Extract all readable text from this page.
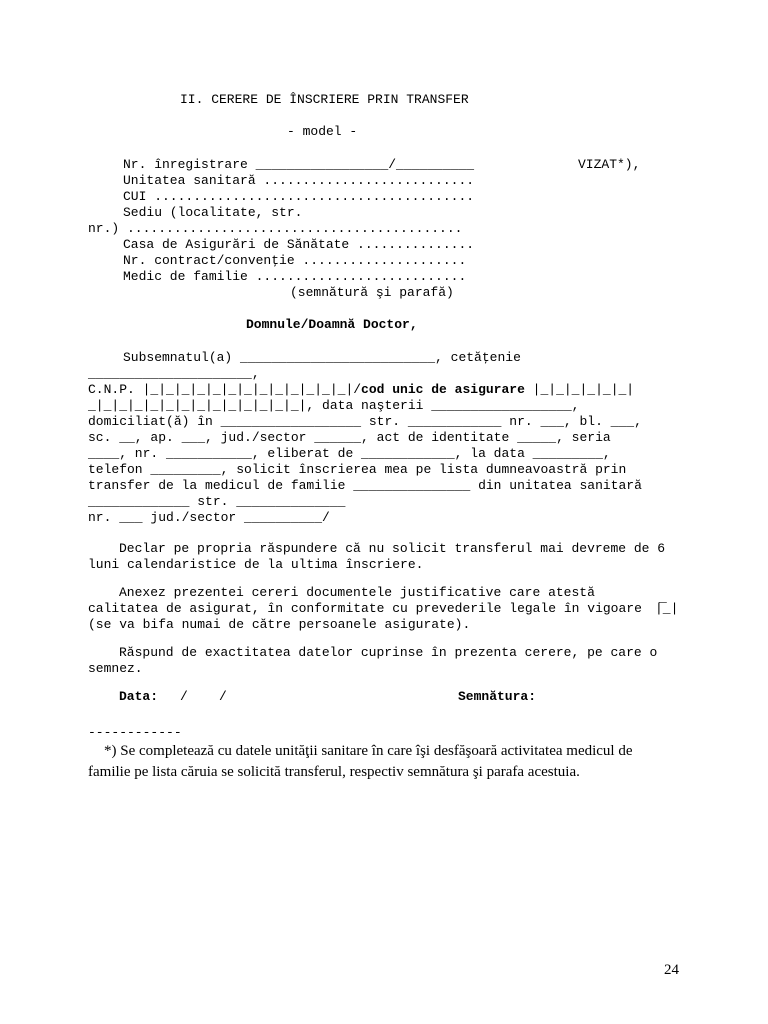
II. CERERE DE ÎNSCRIERE PRIN TRANSFER
- model -
Nr. înregistrare _________________/__________	VIZAT*),
Unitatea sanitară ...........................
CUI .........................................
Sediu (localitate, str.
nr.) ...........................................
Casa de Asigurări de Sănătate ...............
Nr. contract/convenţie .....................
Medic de familie ...........................
(semnătură şi parafă)
Domnule/Doamnă Doctor,
Subsemnatul(a) _________________________, cetăţenie
_____________________,
C.N.P. |_|_|_|_|_|_|_|_|_|_|_|_|_|/cod unic de asigurare |_|_|_|_|_|_|
_|_|_|_|_|_|_|_|_|_|_|_|_|_|, data naşterii __________________,
domiciliat(ă) în __________________ str. ____________ nr. ___, bl. ___,
sc. __, ap. ___, jud./sector ______, act de identitate _____, seria
____, nr. ___________, eliberat de ____________, la data _________,
telefon _________, solicit înscrierea mea pe lista dumneavoastră prin
transfer de la medicul de familie _______________ din unitatea sanitară
_____________ str. ______________
nr. ___ jud./sector __________/
Declar pe propria răspundere că nu solicit transferul mai devreme de 6
luni calendaristice de la ultima înscriere.
Anexez prezentei cereri documentele justificative care atestă
calitatea de asigurat, în conformitate cu prevederile legale în vigoare
(se va bifa numai de către persoanele asigurate).
_
|_|
Răspund de exactitatea datelor cuprinse în prezenta cerere, pe care o
semnez.
Data: /    /	Semnătura:
------------
*) Se completează cu datele unităţii sanitare în care îşi desfăşoară activitatea medicul de
familie pe lista căruia se solicită transferul, respectiv semnătura şi parafa acestuia.
24
